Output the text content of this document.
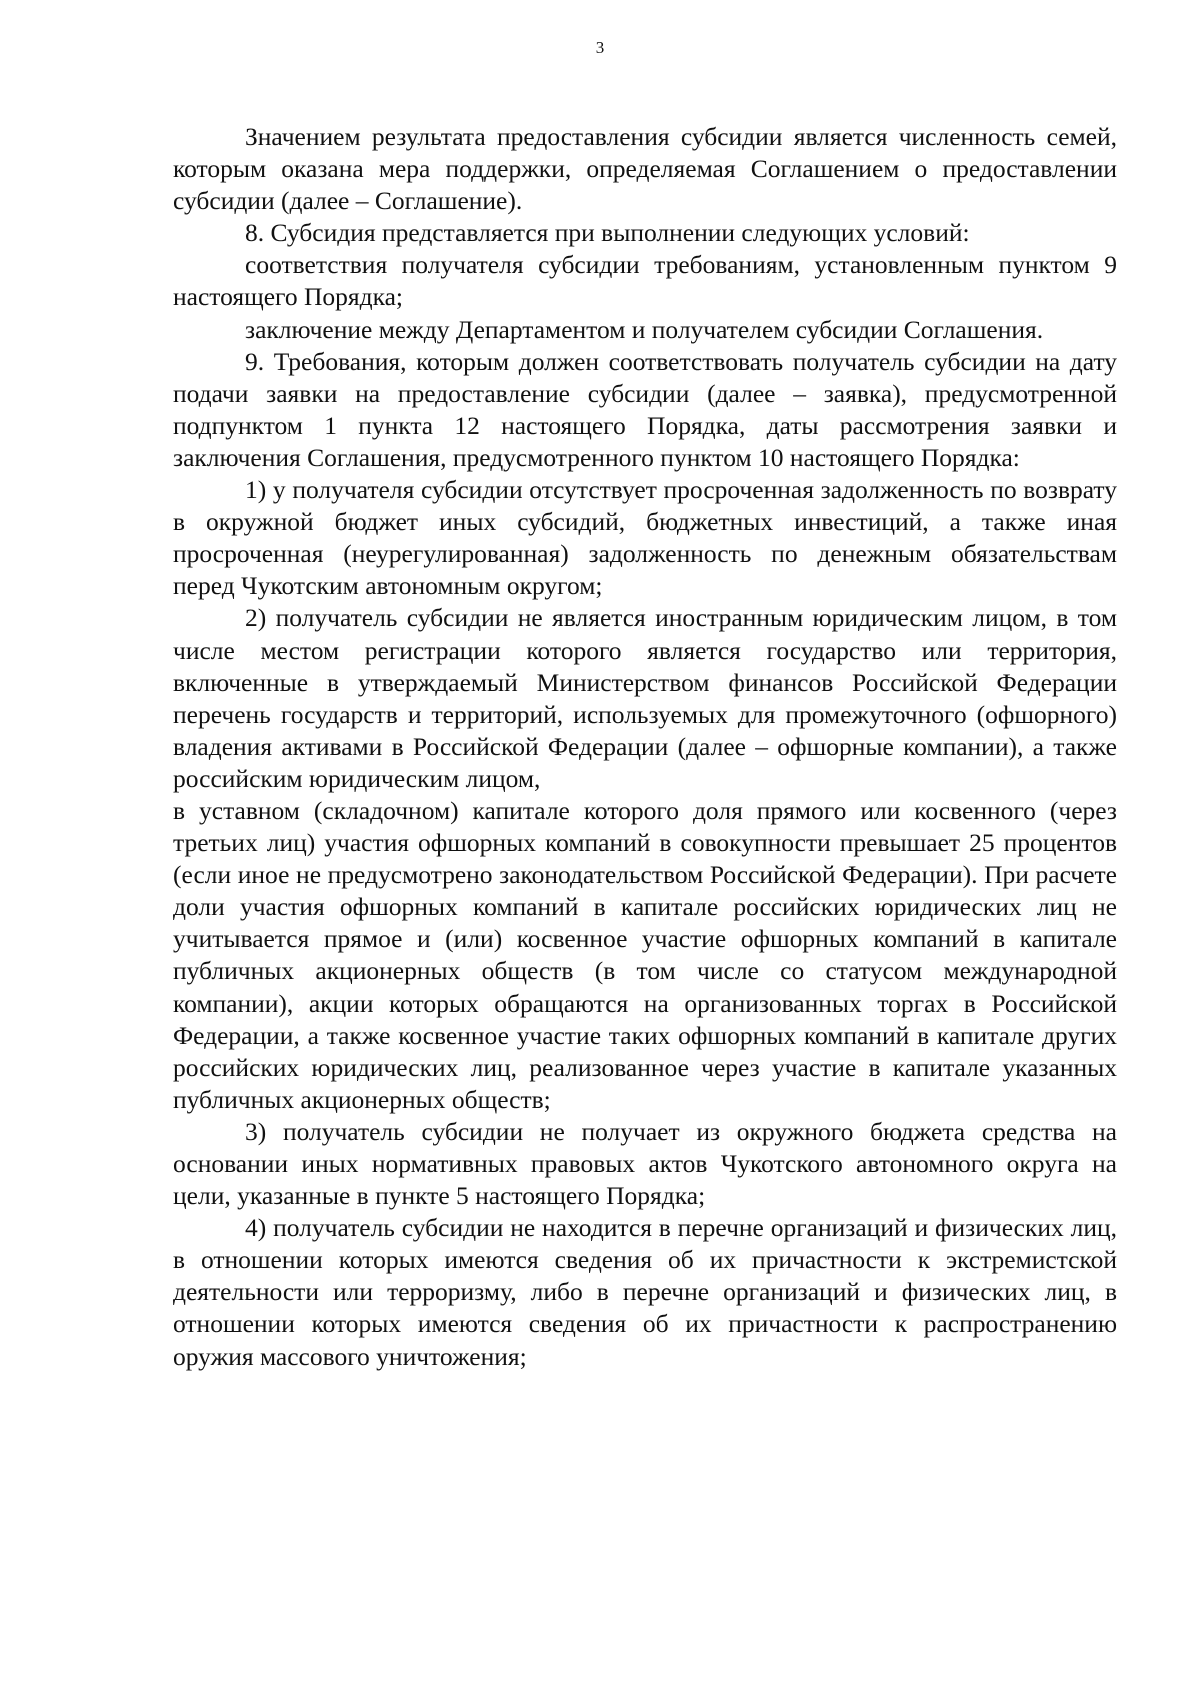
3

Значением результата предоставления субсидии является численность семей, которым оказана мера поддержки, определяемая Соглашением о предоставлении субсидии (далее – Соглашение).

8. Субсидия представляется при выполнении следующих условий:

соответствия получателя субсидии требованиям, установленным пунктом 9 настоящего Порядка;

заключение между Департаментом и получателем субсидии Соглашения.

9. Требования, которым должен соответствовать получатель субсидии на дату подачи заявки на предоставление субсидии (далее – заявка), предусмотренной подпунктом 1 пункта 12 настоящего Порядка, даты рассмотрения заявки и заключения Соглашения, предусмотренного пунктом 10 настоящего Порядка:

1) у получателя субсидии отсутствует просроченная задолженность по возврату в окружной бюджет иных субсидий, бюджетных инвестиций, а также иная просроченная (неурегулированная) задолженность по денежным обязательствам перед Чукотским автономным округом;

2) получатель субсидии не является иностранным юридическим лицом, в том числе местом регистрации которого является государство или территория, включенные в утверждаемый Министерством финансов Российской Федерации перечень государств и территорий, используемых для промежуточного (офшорного) владения активами в Российской Федерации (далее – офшорные компании), а также российским юридическим лицом,

в уставном (складочном) капитале которого доля прямого или косвенного (через третьих лиц) участия офшорных компаний в совокупности превышает 25 процентов (если иное не предусмотрено законодательством Российской Федерации). При расчете доли участия офшорных компаний в капитале российских юридических лиц не учитывается прямое и (или) косвенное участие офшорных компаний в капитале публичных акционерных обществ (в том числе со статусом международной компании), акции которых обращаются на организованных торгах в Российской Федерации, а также косвенное участие таких офшорных компаний в капитале других российских юридических лиц, реализованное через участие в капитале указанных публичных акционерных обществ;

3) получатель субсидии не получает из окружного бюджета средства на основании иных нормативных правовых актов Чукотского автономного округа на цели, указанные в пункте 5 настоящего Порядка;

4) получатель субсидии не находится в перечне организаций и физических лиц, в отношении которых имеются сведения об их причастности к экстремистской деятельности или терроризму, либо в перечне организаций и физических лиц, в отношении которых имеются сведения об их причастности к распространению оружия массового уничтожения;
